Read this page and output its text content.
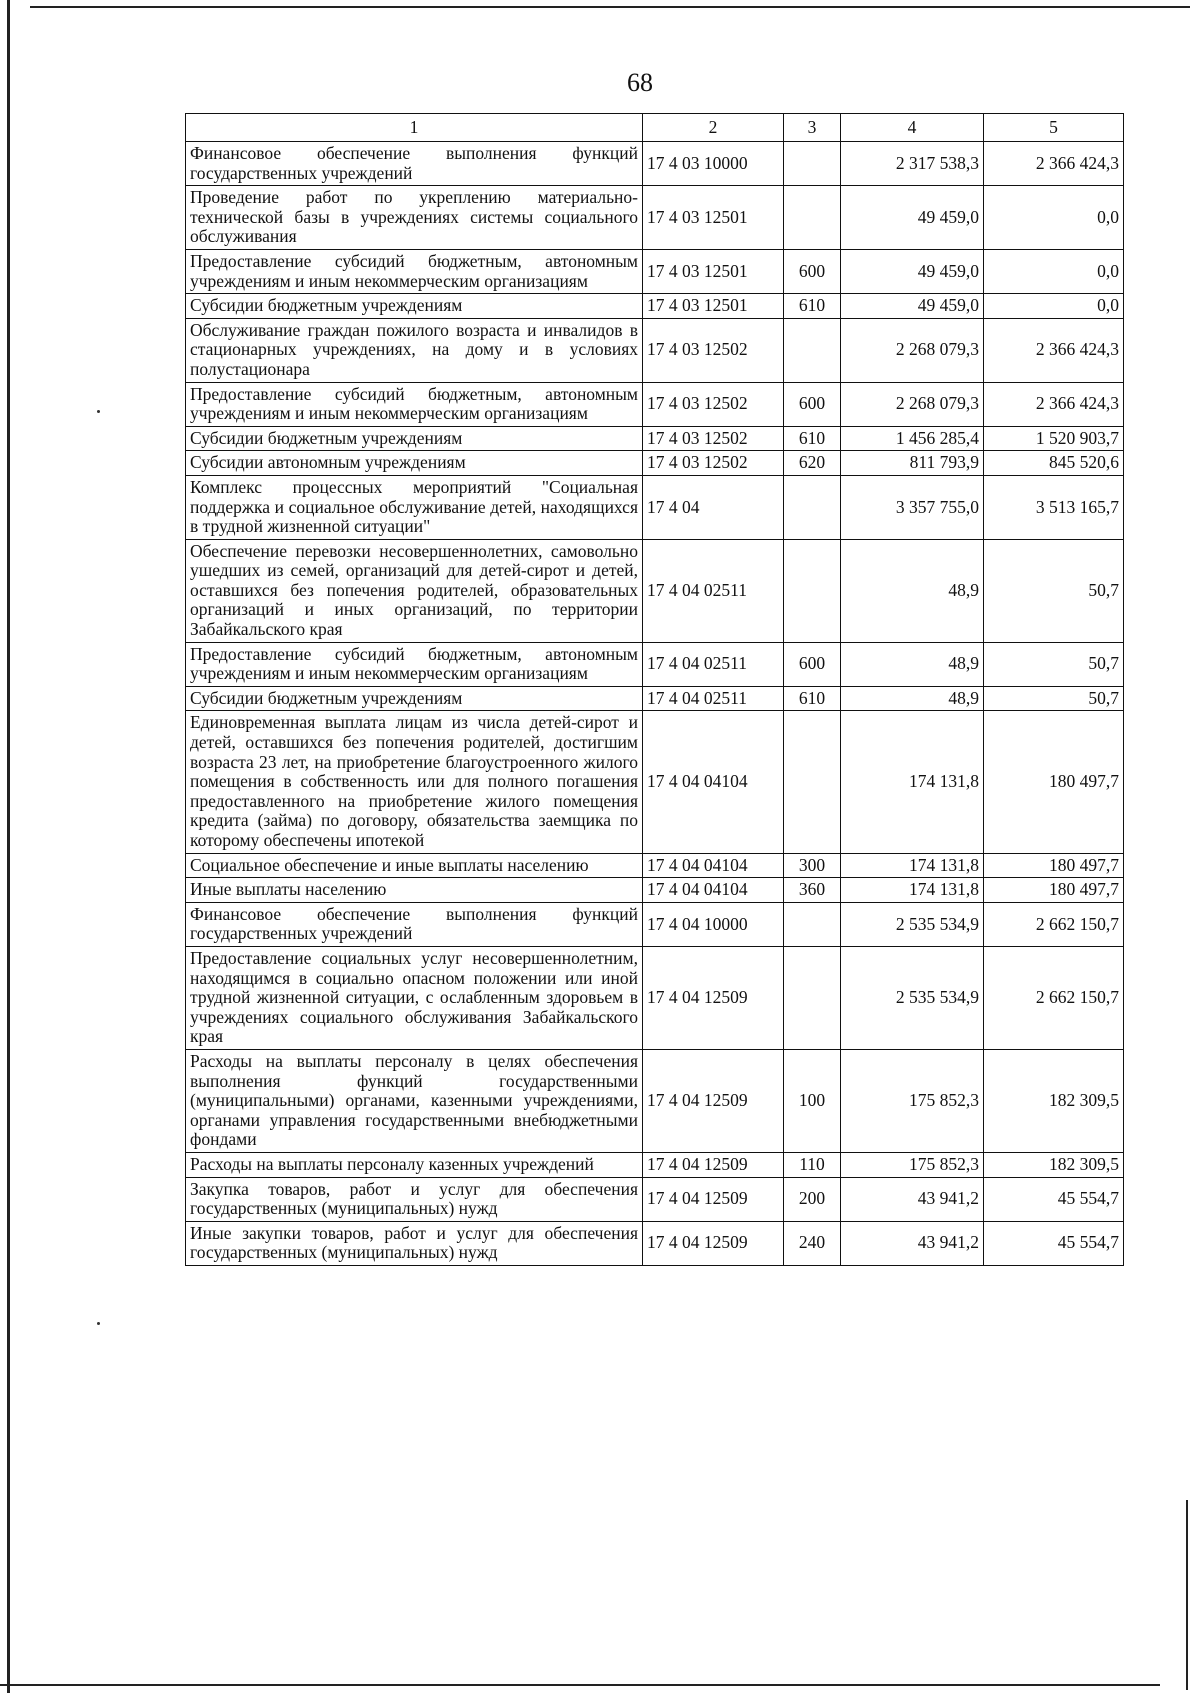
68
1	2	3	4	5
Финансовое обеспечение выполнения функций государственных учреждений	17 4 03 10000		2 317 538,3	2 366 424,3
Проведение работ по укреплению материально-технической базы в учреждениях системы социального обслуживания	17 4 03 12501		49 459,0	0,0
Предоставление субсидий бюджетным, автономным учреждениям и иным некоммерческим организациям	17 4 03 12501	600	49 459,0	0,0
Субсидии бюджетным учреждениям	17 4 03 12501	610	49 459,0	0,0
Обслуживание граждан пожилого возраста и инвалидов в стационарных учреждениях, на дому и в условиях полустационара	17 4 03 12502		2 268 079,3	2 366 424,3
Предоставление субсидий бюджетным, автономным учреждениям и иным некоммерческим организациям	17 4 03 12502	600	2 268 079,3	2 366 424,3
Субсидии бюджетным учреждениям	17 4 03 12502	610	1 456 285,4	1 520 903,7
Субсидии автономным учреждениям	17 4 03 12502	620	811 793,9	845 520,6
Комплекс процессных мероприятий "Социальная поддержка и социальное обслуживание детей, находящихся в трудной жизненной ситуации"	17 4 04		3 357 755,0	3 513 165,7
Обеспечение перевозки несовершеннолетних, самовольно ушедших из семей, организаций для детей-сирот и детей, оставшихся без попечения родителей, образовательных организаций и иных организаций, по территории Забайкальского края	17 4 04 02511		48,9	50,7
Предоставление субсидий бюджетным, автономным учреждениям и иным некоммерческим организациям	17 4 04 02511	600	48,9	50,7
Субсидии бюджетным учреждениям	17 4 04 02511	610	48,9	50,7
Единовременная выплата лицам из числа детей-сирот и детей, оставшихся без попечения родителей, достигшим возраста 23 лет, на приобретение благоустроенного жилого помещения в собственность или для полного погашения предоставленного на приобретение жилого помещения кредита (займа) по договору, обязательства заемщика по которому обеспечены ипотекой	17 4 04 04104		174 131,8	180 497,7
Социальное обеспечение и иные выплаты населению	17 4 04 04104	300	174 131,8	180 497,7
Иные выплаты населению	17 4 04 04104	360	174 131,8	180 497,7
Финансовое обеспечение выполнения функций государственных учреждений	17 4 04 10000		2 535 534,9	2 662 150,7
Предоставление социальных услуг несовершеннолетним, находящимся в социально опасном положении или иной трудной жизненной ситуации, с ослабленным здоровьем в учреждениях социального обслуживания Забайкальского края	17 4 04 12509		2 535 534,9	2 662 150,7
Расходы на выплаты персоналу в целях обеспечения выполнения функций государственными (муниципальными) органами, казенными учреждениями, органами управления государственными внебюджетными фондами	17 4 04 12509	100	175 852,3	182 309,5
Расходы на выплаты персоналу казенных учреждений	17 4 04 12509	110	175 852,3	182 309,5
Закупка товаров, работ и услуг для обеспечения государственных (муниципальных) нужд	17 4 04 12509	200	43 941,2	45 554,7
Иные закупки товаров, работ и услуг для обеспечения государственных (муниципальных) нужд	17 4 04 12509	240	43 941,2	45 554,7
